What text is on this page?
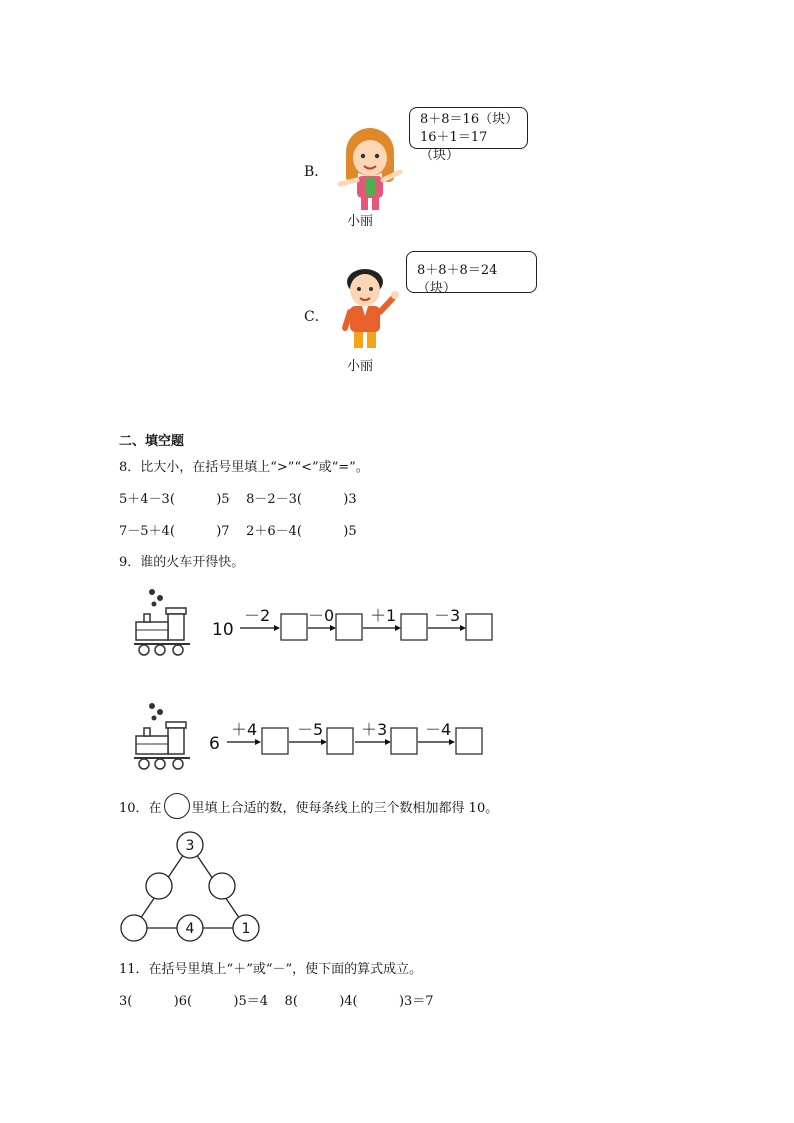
B．
8＋8＝16（块）
16＋1＝17（块）
小丽
C．
8＋8＋8＝24（块）
小丽
二、填空题
8．比大小，在括号里填上“>”“<”或“=”。
5＋4－3(          )5    8－2－3(          )3
7－5＋4(          )7    2＋6－4(          )5
9．谁的火车开得快。
10
－2 －0 ＋1 －3
6
＋4 －5 ＋3 －4
10．在 里填上合适的数，使每条线上的三个数相加都得 10。
3
4	1
11．在括号里填上“＋”或“－”，使下面的算式成立。
3(          )6(          )5＝4    8(          )4(          )3＝7
